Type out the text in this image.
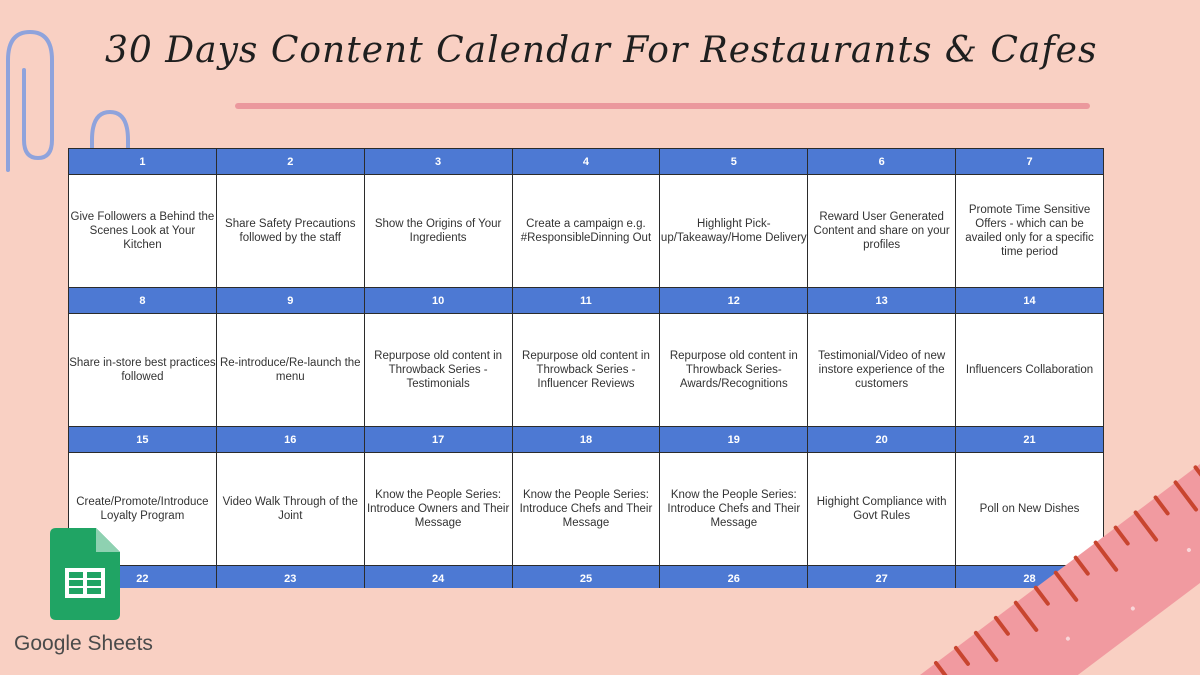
30 Days Content Calendar For Restaurants & Cafes
1	2	3	4	5	6	7
Give Followers a Behind the Scenes Look at Your Kitchen	Share Safety Precautions followed by the staff	Show the Origins of Your Ingredients	Create a campaign e.g. #ResponsibleDinning Out	Highlight Pick-up/Takeaway/Home Delivery	Reward User Generated Content and share on your profiles	Promote Time Sensitive Offers - which can be availed only for a specific time period
8	9	10	11	12	13	14
Share in-store best practices followed	Re-introduce/Re-launch the menu	Repurpose old content in Throwback Series - Testimonials	Repurpose old content in Throwback Series - Influencer Reviews	Repurpose old content in Throwback Series- Awards/Recognitions	Testimonial/Video of new instore experience of the customers	Influencers Collaboration
15	16	17	18	19	20	21
Create/Promote/Introduce Loyalty Program	Video Walk Through of the Joint	Know the People Series: Introduce Owners and Their Message	Know the People Series: Introduce Chefs and Their Message	Know the People Series: Introduce Chefs and Their Message	Highight Compliance with Govt Rules	Poll on New Dishes
22	23	24	25	26	27	28
Google Sheets
